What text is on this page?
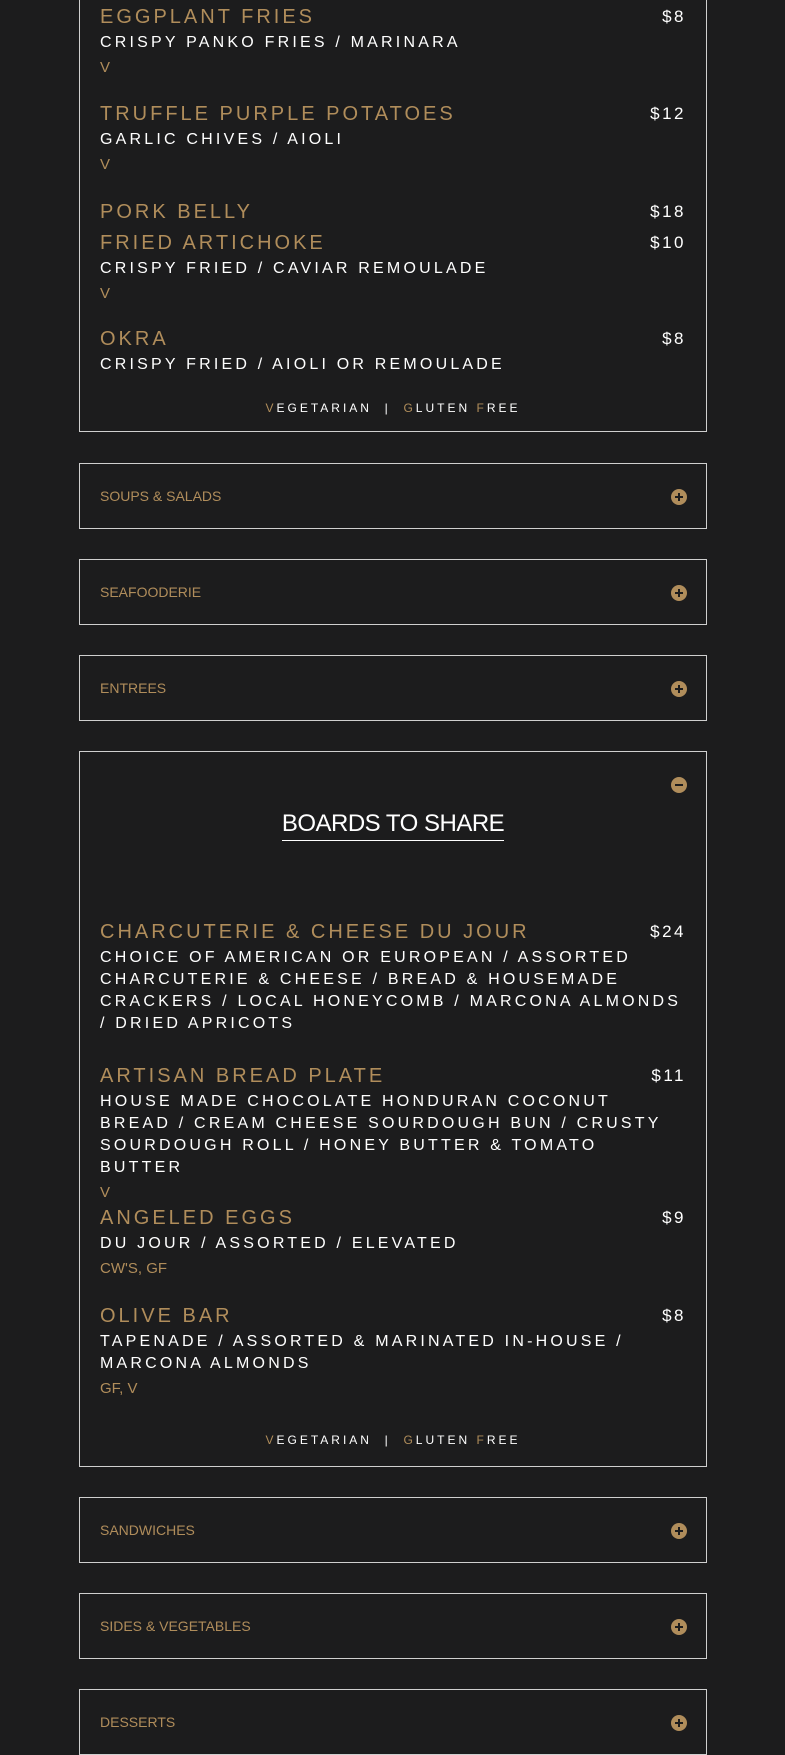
EGGPLANT FRIES	$8
CRISPY PANKO FRIES / MARINARA
V
TRUFFLE PURPLE POTATOES	$12
GARLIC CHIVES / AIOLI
V
PORK BELLY	$18
FRIED ARTICHOKE	$10
CRISPY FRIED / CAVIAR REMOULADE
V
OKRA	$8
CRISPY FRIED / AIOLI OR REMOULADE
VEGETARIAN | GLUTEN FREE
SOUPS & SALADS
SEAFOODERIE
ENTREES
BOARDS TO SHARE
CHARCUTERIE & CHEESE DU JOUR	$24
CHOICE OF AMERICAN OR EUROPEAN / ASSORTED CHARCUTERIE & CHEESE / BREAD & HOUSEMADE CRACKERS / LOCAL HONEYCOMB / MARCONA ALMONDS / DRIED APRICOTS
ARTISAN BREAD PLATE	$11
HOUSE MADE CHOCOLATE HONDURAN COCONUT BREAD / CREAM CHEESE SOURDOUGH BUN / CRUSTY SOURDOUGH ROLL / HONEY BUTTER & TOMATO BUTTER
V
ANGELED EGGS	$9
DU JOUR / ASSORTED / ELEVATED
CW'S, GF
OLIVE BAR	$8
TAPENADE / ASSORTED & MARINATED IN-HOUSE / MARCONA ALMONDS
GF, V
VEGETARIAN | GLUTEN FREE
SANDWICHES
SIDES & VEGETABLES
DESSERTS
